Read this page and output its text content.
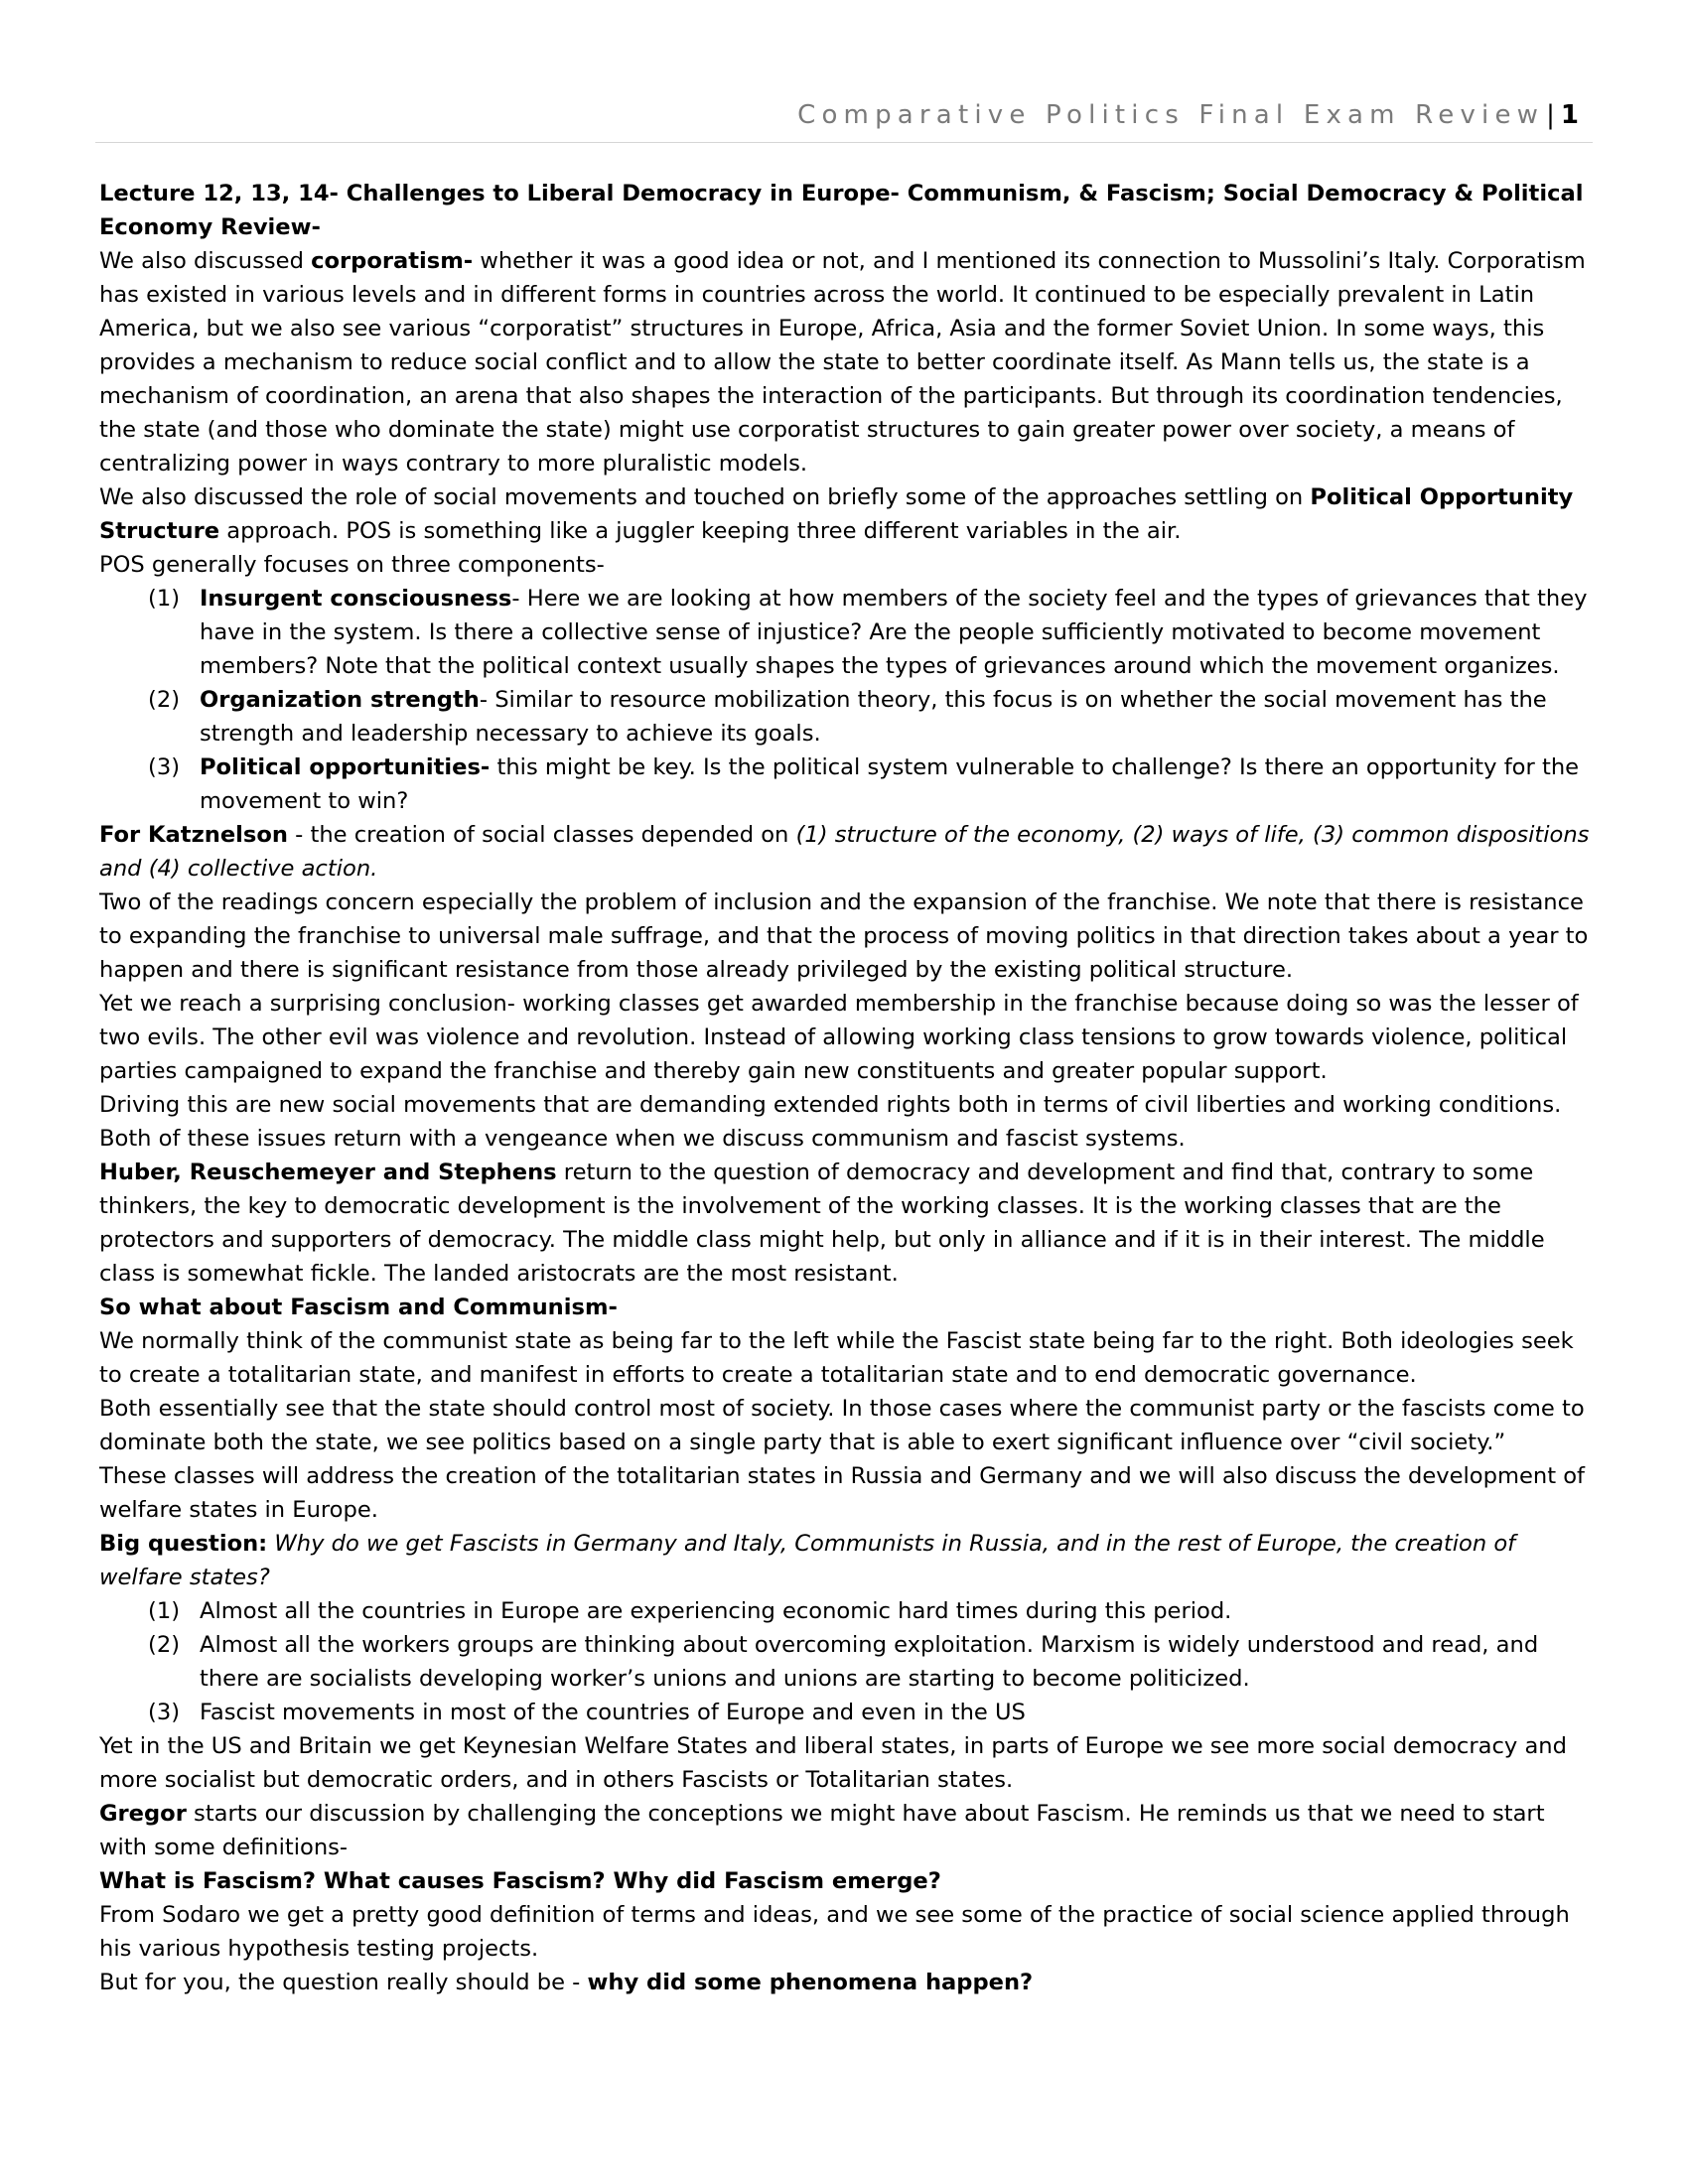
Comparative Politics Final Exam Review| 1

Lecture 12, 13, 14- Challenges to Liberal Democracy in Europe- Communism, & Fascism; Social Democracy & Political Economy Review-

We also discussed corporatism- whether it was a good idea or not, and I mentioned its connection to Mussolini’s Italy. Corporatism has existed in various levels and in different forms in countries across the world. It continued to be especially prevalent in Latin America, but we also see various “corporatist” structures in Europe, Africa, Asia and the former Soviet Union. In some ways, this provides a mechanism to reduce social conflict and to allow the state to better coordinate itself. As Mann tells us, the state is a mechanism of coordination, an arena that also shapes the interaction of the participants. But through its coordination tendencies, the state (and those who dominate the state) might use corporatist structures to gain greater power over society, a means of centralizing power in ways contrary to more pluralistic models.

We also discussed the role of social movements and touched on briefly some of the approaches settling on Political Opportunity Structure approach. POS is something like a juggler keeping three different variables in the air.

POS generally focuses on three components-

(1) Insurgent consciousness- Here we are looking at how members of the society feel and the types of grievances that they have in the system. Is there a collective sense of injustice? Are the people sufficiently motivated to become movement members? Note that the political context usually shapes the types of grievances around which the movement organizes.
(2) Organization strength- Similar to resource mobilization theory, this focus is on whether the social movement has the strength and leadership necessary to achieve its goals.
(3) Political opportunities- this might be key. Is the political system vulnerable to challenge? Is there an opportunity for the movement to win?

For Katznelson - the creation of social classes depended on (1) structure of the economy, (2) ways of life, (3) common dispositions and (4) collective action.

Two of the readings concern especially the problem of inclusion and the expansion of the franchise. We note that there is resistance to expanding the franchise to universal male suffrage, and that the process of moving politics in that direction takes about a year to happen and there is significant resistance from those already privileged by the existing political structure.

Yet we reach a surprising conclusion- working classes get awarded membership in the franchise because doing so was the lesser of two evils. The other evil was violence and revolution. Instead of allowing working class tensions to grow towards violence, political parties campaigned to expand the franchise and thereby gain new constituents and greater popular support.

Driving this are new social movements that are demanding extended rights both in terms of civil liberties and working conditions. Both of these issues return with a vengeance when we discuss communism and fascist systems.

Huber, Reuschemeyer and Stephens return to the question of democracy and development and find that, contrary to some thinkers, the key to democratic development is the involvement of the working classes. It is the working classes that are the protectors and supporters of democracy. The middle class might help, but only in alliance and if it is in their interest. The middle class is somewhat fickle. The landed aristocrats are the most resistant.

So what about Fascism and Communism-

We normally think of the communist state as being far to the left while the Fascist state being far to the right. Both ideologies seek to create a totalitarian state, and manifest in efforts to create a totalitarian state and to end democratic governance.

Both essentially see that the state should control most of society. In those cases where the communist party or the fascists come to dominate both the state, we see politics based on a single party that is able to exert significant influence over “civil society.”

These classes will address the creation of the totalitarian states in Russia and Germany and we will also discuss the development of welfare states in Europe.

Big question: Why do we get Fascists in Germany and Italy, Communists in Russia, and in the rest of Europe, the creation of welfare states?

(1) Almost all the countries in Europe are experiencing economic hard times during this period.
(2) Almost all the workers groups are thinking about overcoming exploitation. Marxism is widely understood and read, and there are socialists developing worker’s unions and unions are starting to become politicized.
(3) Fascist movements in most of the countries of Europe and even in the US

Yet in the US and Britain we get Keynesian Welfare States and liberal states, in parts of Europe we see more social democracy and more socialist but democratic orders, and in others Fascists or Totalitarian states.

Gregor starts our discussion by challenging the conceptions we might have about Fascism. He reminds us that we need to start with some definitions-

What is Fascism? What causes Fascism? Why did Fascism emerge?

From Sodaro we get a pretty good definition of terms and ideas, and we see some of the practice of social science applied through his various hypothesis testing projects.

But for you, the question really should be - why did some phenomena happen?
